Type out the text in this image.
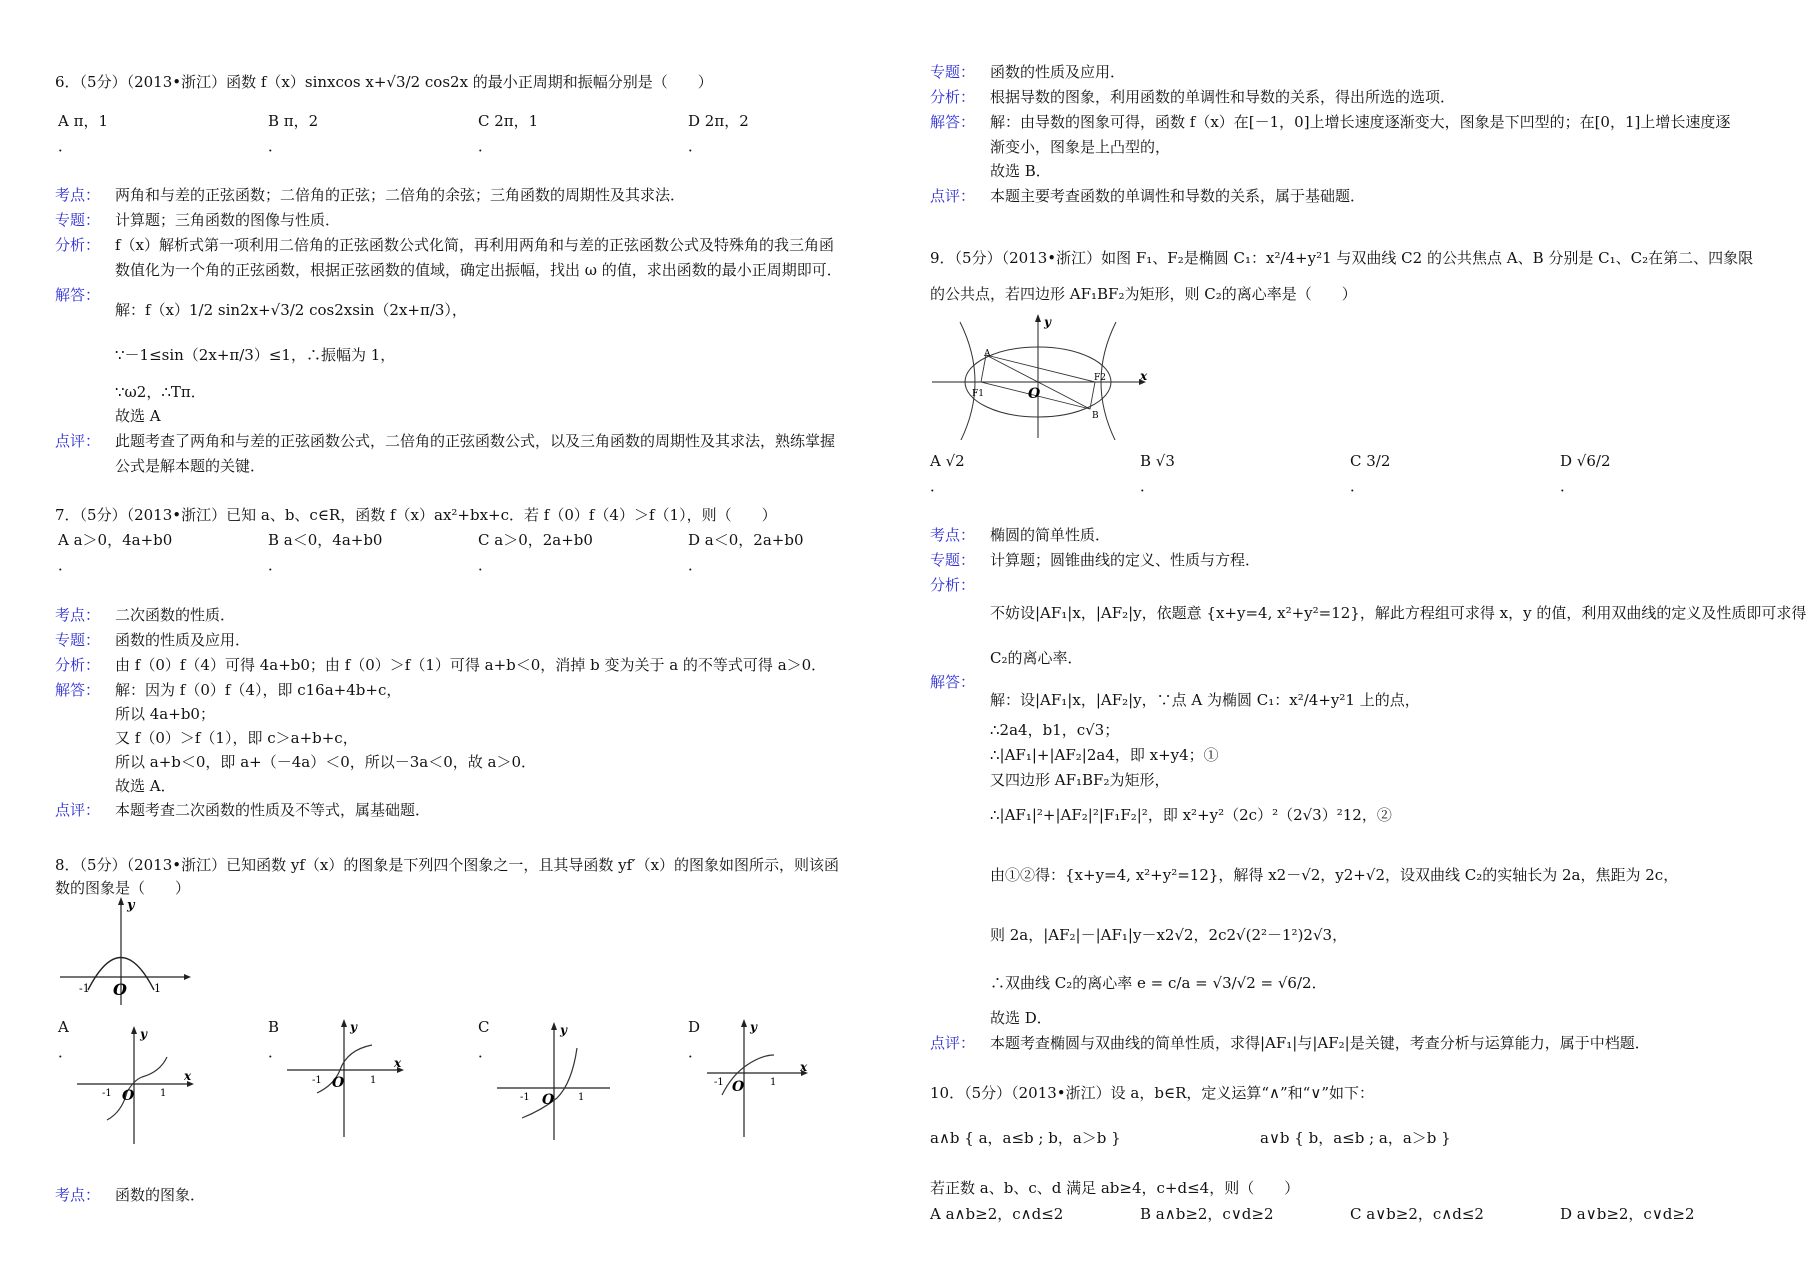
6．（5分）（2013•浙江）函数 f（x）sinxcos x+√3/2 cos2x 的最小正周期和振幅分别是（　　）
A π，1	B π，2	C 2π，1	D 2π，2
．	．	．	．
考点： 两角和与差的正弦函数；二倍角的正弦；二倍角的余弦；三角函数的周期性及其求法．
专题： 计算题；三角函数的图像与性质．
分析： f（x）解析式第一项利用二倍角的正弦函数公式化简，再利用两角和与差的正弦函数公式及特殊角的我三角函
数值化为一个角的正弦函数，根据正弦函数的值域，确定出振幅，找出 ω 的值，求出函数的最小正周期即可．
解答：
解：f（x）1/2 sin2x+√3/2 cos2xsin（2x+π/3），
∵－1≤sin（2x+π/3）≤1，∴振幅为 1，
∵ω2，∴Tπ．
故选 A
点评： 此题考查了两角和与差的正弦函数公式，二倍角的正弦函数公式，以及三角函数的周期性及其求法，熟练掌握
公式是解本题的关键．
7．（5分）（2013•浙江）已知 a、b、c∈R，函数 f（x）ax²+bx+c．若 f（0）f（4）＞f（1），则（　　）
A a＞0，4a+b0	B a＜0，4a+b0	C a＞0，2a+b0	D a＜0，2a+b0
．	．	．	．
考点： 二次函数的性质．
专题： 函数的性质及应用．
分析： 由 f（0）f（4）可得 4a+b0；由 f（0）＞f（1）可得 a+b＜0，消掉 b 变为关于 a 的不等式可得 a＞0．
解答： 解：因为 f（0）f（4），即 c16a+4b+c，
所以 4a+b0；
又 f（0）＞f（1），即 c＞a+b+c，
所以 a+b＜0，即 a+（－4a）＜0，所以－3a＜0，故 a＞0．
故选 A．
点评： 本题考查二次函数的性质及不等式，属基础题．
8．（5分）（2013•浙江）已知函数 yf（x）的图象是下列四个图象之一，且其导函数 yf′（x）的图象如图所示，则该函
数的图象是（　　）
y
-1 O 1
A	B	C	D
．	．	．	．
y
x
-1 O	1
y
x
-1 O	1
y
-1 O 1
y
x
-1 O	1
考点： 函数的图象．
专题： 函数的性质及应用．
分析： 根据导数的图象，利用函数的单调性和导数的关系，得出所选的选项．
解答： 解：由导数的图象可得，函数 f（x）在[－1，0]上增长速度逐渐变大，图象是下凹型的；在[0，1]上增长速度逐
渐变小，图象是上凸型的，
故选 B．
点评： 本题主要考查函数的单调性和导数的关系，属于基础题．
9．（5分）（2013•浙江）如图 F₁、F₂是椭圆 C₁：x²/4+y²1 与双曲线 C2 的公共焦点 A、B 分别是 C₁、C₂在第二、四象限
的公共点，若四边形 AF₁BF₂为矩形，则 C₂的离心率是（　　）
y
x
A
F1
F2
B
O
A √2	B √3	C 3/2	D √6/2
．	．	．	．
考点： 椭圆的简单性质．
专题： 计算题；圆锥曲线的定义、性质与方程．
分析：
不妨设|AF₁|x，|AF₂|y，依题意 {x+y=4, x²+y²=12}，解此方程组可求得 x，y 的值，利用双曲线的定义及性质即可求得
C₂的离心率．
解答：
解：设|AF₁|x，|AF₂|y，∵点 A 为椭圆 C₁：x²/4+y²1 上的点，
∴2a4，b1，c√3；
∴|AF₁|+|AF₂|2a4，即 x+y4；①
又四边形 AF₁BF₂为矩形，
∴|AF₁|²+|AF₂|²|F₁F₂|²，即 x²+y²（2c）²（2√3）²12，②
由①②得：{x+y=4, x²+y²=12}，解得 x2－√2，y2+√2，设双曲线 C₂的实轴长为 2a，焦距为 2c，
则 2a，|AF₂|－|AF₁|y－x2√2，2c2√(2²－1²)2√3，
∴双曲线 C₂的离心率 e = c/a = √3/√2 = √6/2．
故选 D．
点评： 本题考查椭圆与双曲线的简单性质，求得|AF₁|与|AF₂|是关键，考查分析与运算能力，属于中档题．
10．（5分）（2013•浙江）设 a，b∈R，定义运算“∧”和“∨”如下：
a∧b { a，a≤b ; b，a＞b }	a∨b { b，a≤b ; a，a＞b }
若正数 a、b、c、d 满足 ab≥4，c+d≤4，则（　　）
A a∧b≥2，c∧d≤2	B a∧b≥2，c∨d≥2	C a∨b≥2，c∧d≤2	D a∨b≥2，c∨d≥2
